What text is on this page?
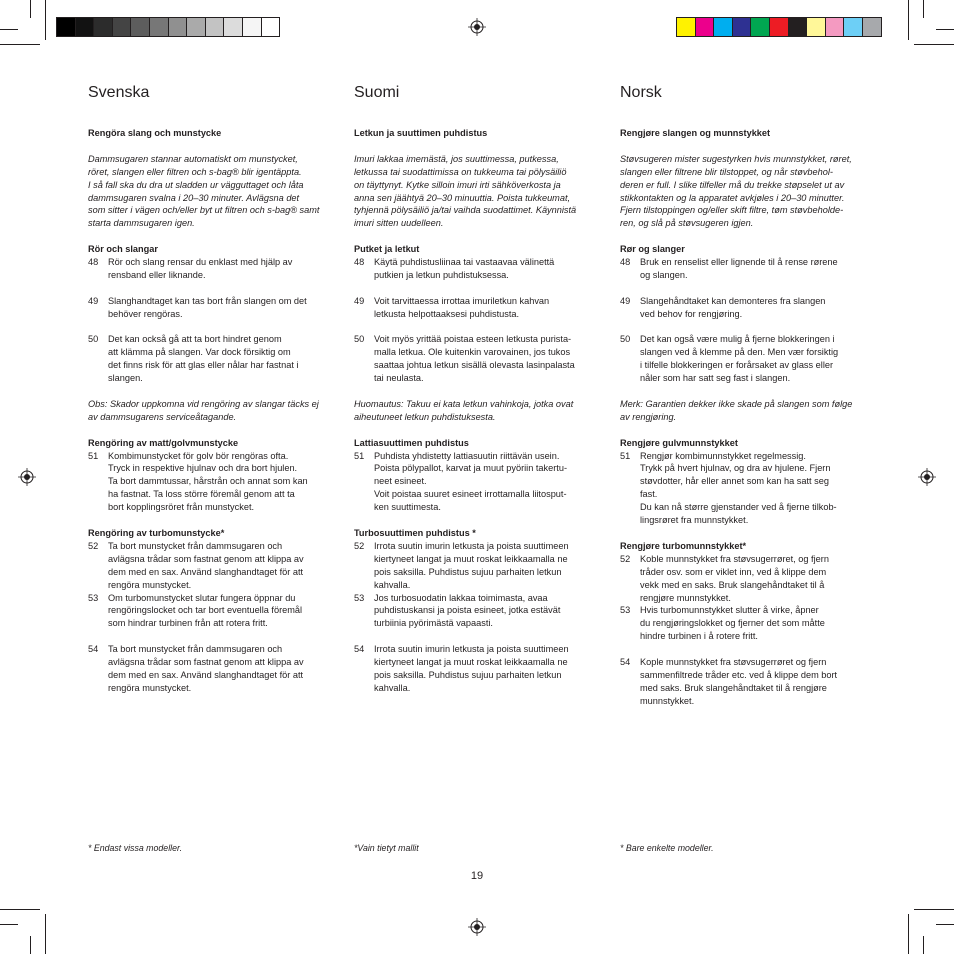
Svenska

Rengöra slang och munstycke

Dammsugaren stannar automatiskt om munstycket,
röret, slangen eller filtren och s-bag® blir igentäppta.
I så fall ska du dra ut sladden ur vägguttaget och låta
dammsugaren svalna i 20–30 minuter. Avlägsna det
som sitter i vägen och/eller byt ut filtren och s-bag® samt
starta dammsugaren igen.

Rör och slangar

48	Rör och slang rensar du enklast med hjälp av
rensband eller liknande.
49	Slanghandtaget kan tas bort från slangen om det
behöver rengöras.
50	Det kan också gå att ta bort hindret genom
att klämma på slangen. Var dock försiktig om
det finns risk för att glas eller nålar har fastnat i
slangen.

Obs: Skador uppkomna vid rengöring av slangar täcks ej
av dammsugarens serviceåtagande.

Rengöring av matt/golvmunstycke

51	Kombimunstycket för golv bör rengöras ofta.
Tryck in respektive hjulnav och dra bort hjulen.
Ta bort dammtussar, hårstrån och annat som kan
ha fastnat. Ta loss större föremål genom att ta
bort kopplingsröret från munstycket.

Rengöring av turbomunstycke*

52	Ta bort munstycket från dammsugaren och
avlägsna trådar som fastnat genom att klippa av
dem med en sax. Använd slanghandtaget för att
rengöra munstycket.
53	Om turbomunstycket slutar fungera öppnar du
rengöringslocket och tar bort eventuella föremål
som hindrar turbinen från att rotera fritt.
54	Ta bort munstycket från dammsugaren och
avlägsna trådar som fastnat genom att klippa av
dem med en sax. Använd slanghandtaget för att
rengöra munstycket.
* Endast vissa modeller.
Suomi

Letkun ja suuttimen puhdistus

Imuri lakkaa imemästä, jos suuttimessa, putkessa,
letkussa tai suodattimissa on tukkeuma tai pölysäiliö
on täyttynyt. Kytke silloin imuri irti sähköverkosta ja
anna sen jäähtyä 20–30 minuuttia. Poista tukkeumat,
tyhjennä pölysäiliö ja/tai vaihda suodattimet. Käynnistä
imuri sitten uudelleen.

Putket ja letkut

48	Käytä puhdistusliinaa tai vastaavaa välinettä
putkien ja letkun puhdistuksessa.
49	Voit tarvittaessa irrottaa imuriletkun kahvan
letkusta helpottaaksesi puhdistusta.
50	Voit myös yrittää poistaa esteen letkusta purista-
malla letkua. Ole kuitenkin varovainen, jos tukos
saattaa johtua letkun sisällä olevasta lasinpalasta
tai neulasta.

Huomautus: Takuu ei kata letkun vahinkoja, jotka ovat
aiheutuneet letkun puhdistuksesta.

Lattiasuuttimen puhdistus

51	Puhdista yhdistetty lattiasuutin riittävän usein.
Poista pölypallot, karvat ja muut pyöriin takertu-
neet esineet.
Voit poistaa suuret esineet irrottamalla liitosput-
ken suuttimesta.

Turbosuuttimen puhdistus *

52	Irrota suutin imurin letkusta ja poista suuttimeen
kiertyneet langat ja muut roskat leikkaamalla ne
pois saksilla. Puhdistus sujuu parhaiten letkun
kahvalla.
53	Jos turbosuodatin lakkaa toimimasta, avaa
puhdistuskansi ja poista esineet, jotka estävät
turbiinia pyörimästä vapaasti.
54	Irrota suutin imurin letkusta ja poista suuttimeen
kiertyneet langat ja muut roskat leikkaamalla ne
pois saksilla. Puhdistus sujuu parhaiten letkun
kahvalla.
*Vain tietyt mallit
Norsk

Rengjøre slangen og munnstykket

Støvsugeren mister sugestyrken hvis munnstykket, røret,
slangen eller filtrene blir tilstoppet, og når støvbehol-
deren er full. I slike tilfeller må du trekke støpselet ut av
stikkontakten og la apparatet avkjøles i 20–30 minutter.
Fjern tilstoppingen og/eller skift filtre, tøm støvbeholde-
ren, og slå på støvsugeren igjen.

Rør og slanger

48	Bruk en renselist eller lignende til å rense rørene
og slangen.
49	Slangehåndtaket kan demonteres fra slangen
ved behov for rengjøring.
50	Det kan også være mulig å fjerne blokkeringen i
slangen ved å klemme på den. Men vær forsiktig
i tilfelle blokkeringen er forårsaket av glass eller
nåler som har satt seg fast i slangen.

Merk: Garantien dekker ikke skade på slangen som følge
av rengjøring.

Rengjøre gulvmunnstykket

51	Rengjør kombimunnstykket regelmessig.
Trykk på hvert hjulnav, og dra av hjulene. Fjern
støvdotter, hår eller annet som kan ha satt seg
fast.
Du kan nå større gjenstander ved å fjerne tilkob-
lingsrøret fra munnstykket.

Rengjøre turbomunnstykket*

52	Koble munnstykket fra støvsugerrøret, og fjern
tråder osv. som er viklet inn, ved å klippe dem
vekk med en saks. Bruk slangehåndtaket til å
rengjøre munnstykket.
53	Hvis turbomunnstykket slutter å virke, åpner
du rengjøringslokket og fjerner det som måtte
hindre turbinen i å rotere fritt.
54	Kople munnstykket fra støvsugerrøret og fjern
sammenfiltrede tråder etc. ved å klippe dem bort
med saks. Bruk slangehåndtaket til å rengjøre
munnstykket.
* Bare enkelte modeller.
19
